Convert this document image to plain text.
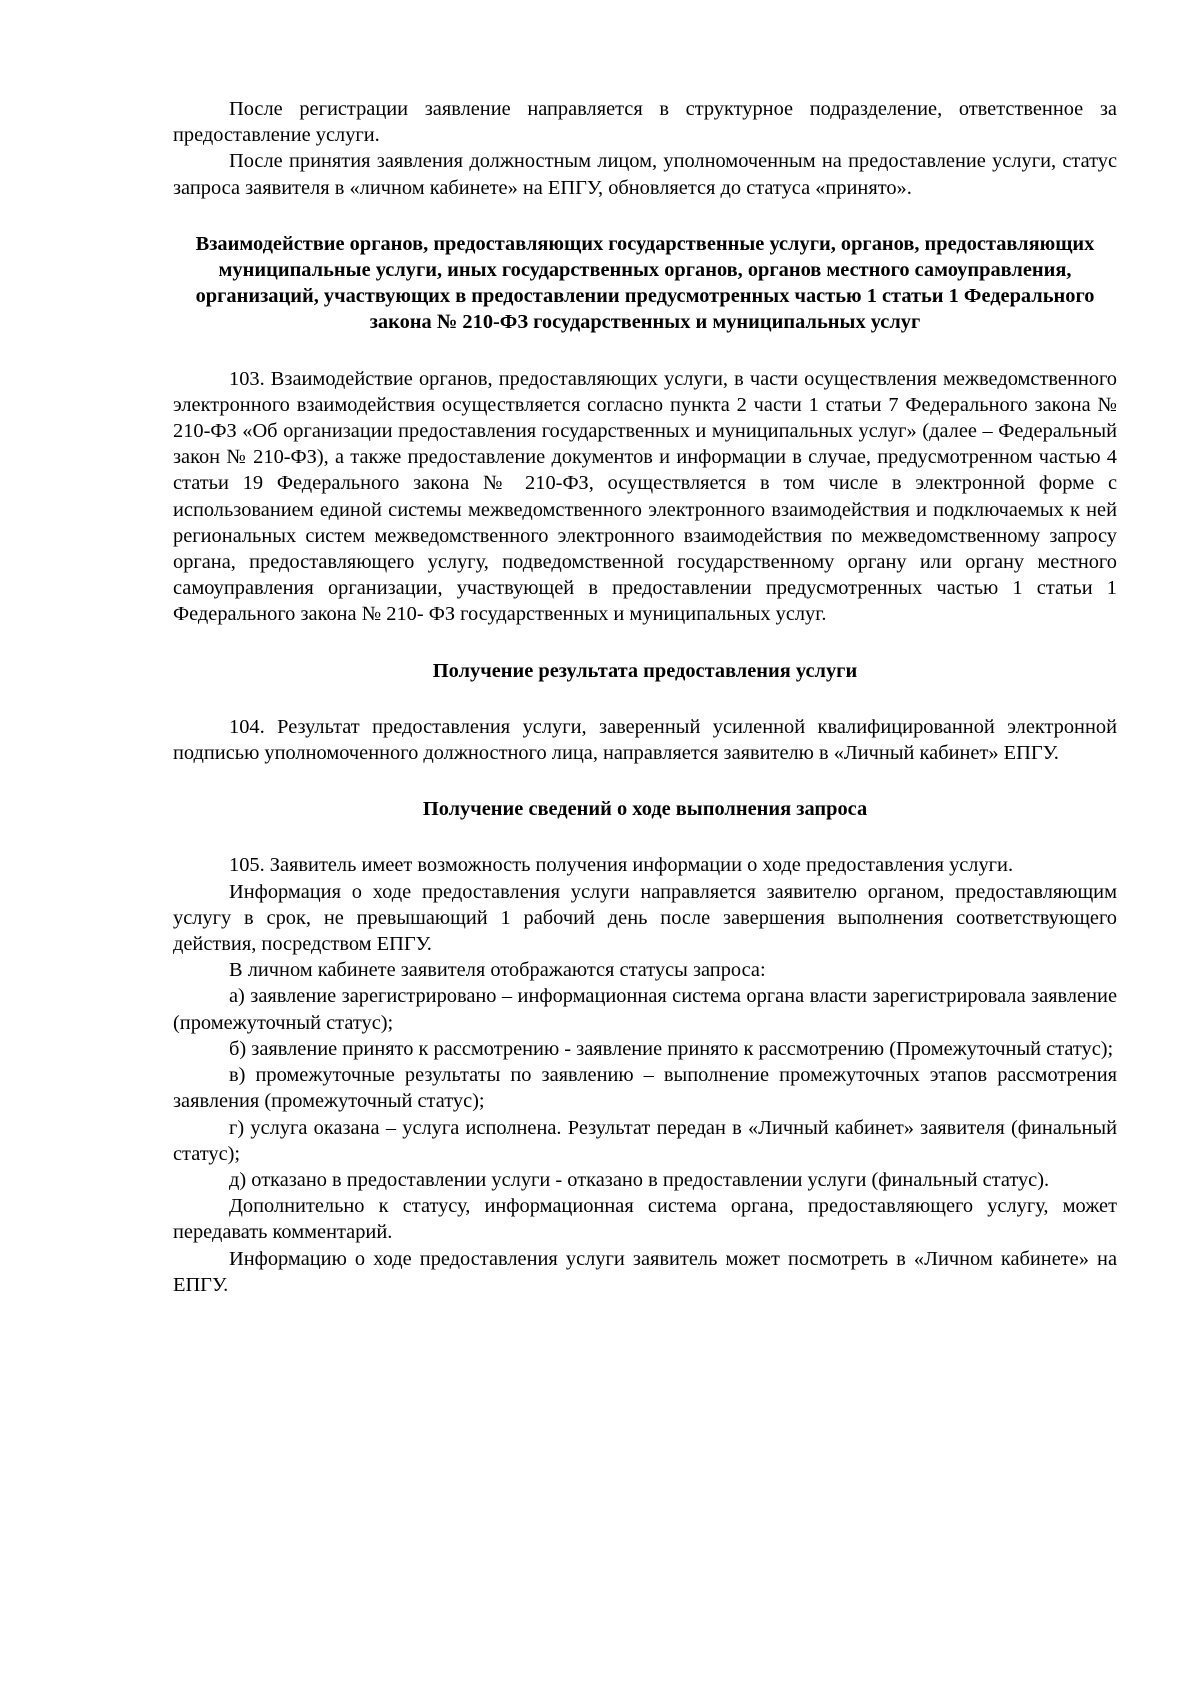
После регистрации заявление направляется в структурное подразделение, ответственное за предоставление услуги.

После принятия заявления должностным лицом, уполномоченным на предоставление услуги, статус запроса заявителя в «личном кабинете» на ЕПГУ, обновляется до статуса «принято».

Взаимодействие органов, предоставляющих государственные услуги, органов, предоставляющих муниципальные услуги, иных государственных органов, органов местного самоуправления, организаций, участвующих в предоставлении предусмотренных частью 1 статьи 1 Федерального закона № 210-ФЗ государственных и муниципальных услуг

103. Взаимодействие органов, предоставляющих услуги, в части осуществления межведомственного электронного взаимодействия осуществляется согласно пункта 2 части 1 статьи 7 Федерального закона № 210-ФЗ «Об организации предоставления государственных и муниципальных услуг» (далее – Федеральный закон № 210-ФЗ), а также предоставление документов и информации в случае, предусмотренном частью 4 статьи 19 Федерального закона № 210-ФЗ, осуществляется в том числе в электронной форме с использованием единой системы межведомственного электронного взаимодействия и подключаемых к ней региональных систем межведомственного электронного взаимодействия по межведомственному запросу органа, предоставляющего услугу, подведомственной государственному органу или органу местного самоуправления организации, участвующей в предоставлении предусмотренных частью 1 статьи 1 Федерального закона № 210- ФЗ государственных и муниципальных услуг.

Получение результата предоставления услуги

104. Результат предоставления услуги, заверенный усиленной квалифицированной электронной подписью уполномоченного должностного лица, направляется заявителю в «Личный кабинет» ЕПГУ.

Получение сведений о ходе выполнения запроса

105. Заявитель имеет возможность получения информации о ходе предоставления услуги.

Информация о ходе предоставления услуги направляется заявителю органом, предоставляющим услугу в срок, не превышающий 1 рабочий день после завершения выполнения соответствующего действия, посредством ЕПГУ.

В личном кабинете заявителя отображаются статусы запроса:

а) заявление зарегистрировано – информационная система органа власти зарегистрировала заявление (промежуточный статус);

б) заявление принято к рассмотрению - заявление принято к рассмотрению (Промежуточный статус);

в) промежуточные результаты по заявлению – выполнение промежуточных этапов рассмотрения заявления (промежуточный статус);

г) услуга оказана – услуга исполнена. Результат передан в «Личный кабинет» заявителя (финальный статус);

д) отказано в предоставлении услуги - отказано в предоставлении услуги (финальный статус).

Дополнительно к статусу, информационная система органа, предоставляющего услугу, может передавать комментарий.

Информацию о ходе предоставления услуги заявитель может посмотреть в «Личном кабинете» на ЕПГУ.
